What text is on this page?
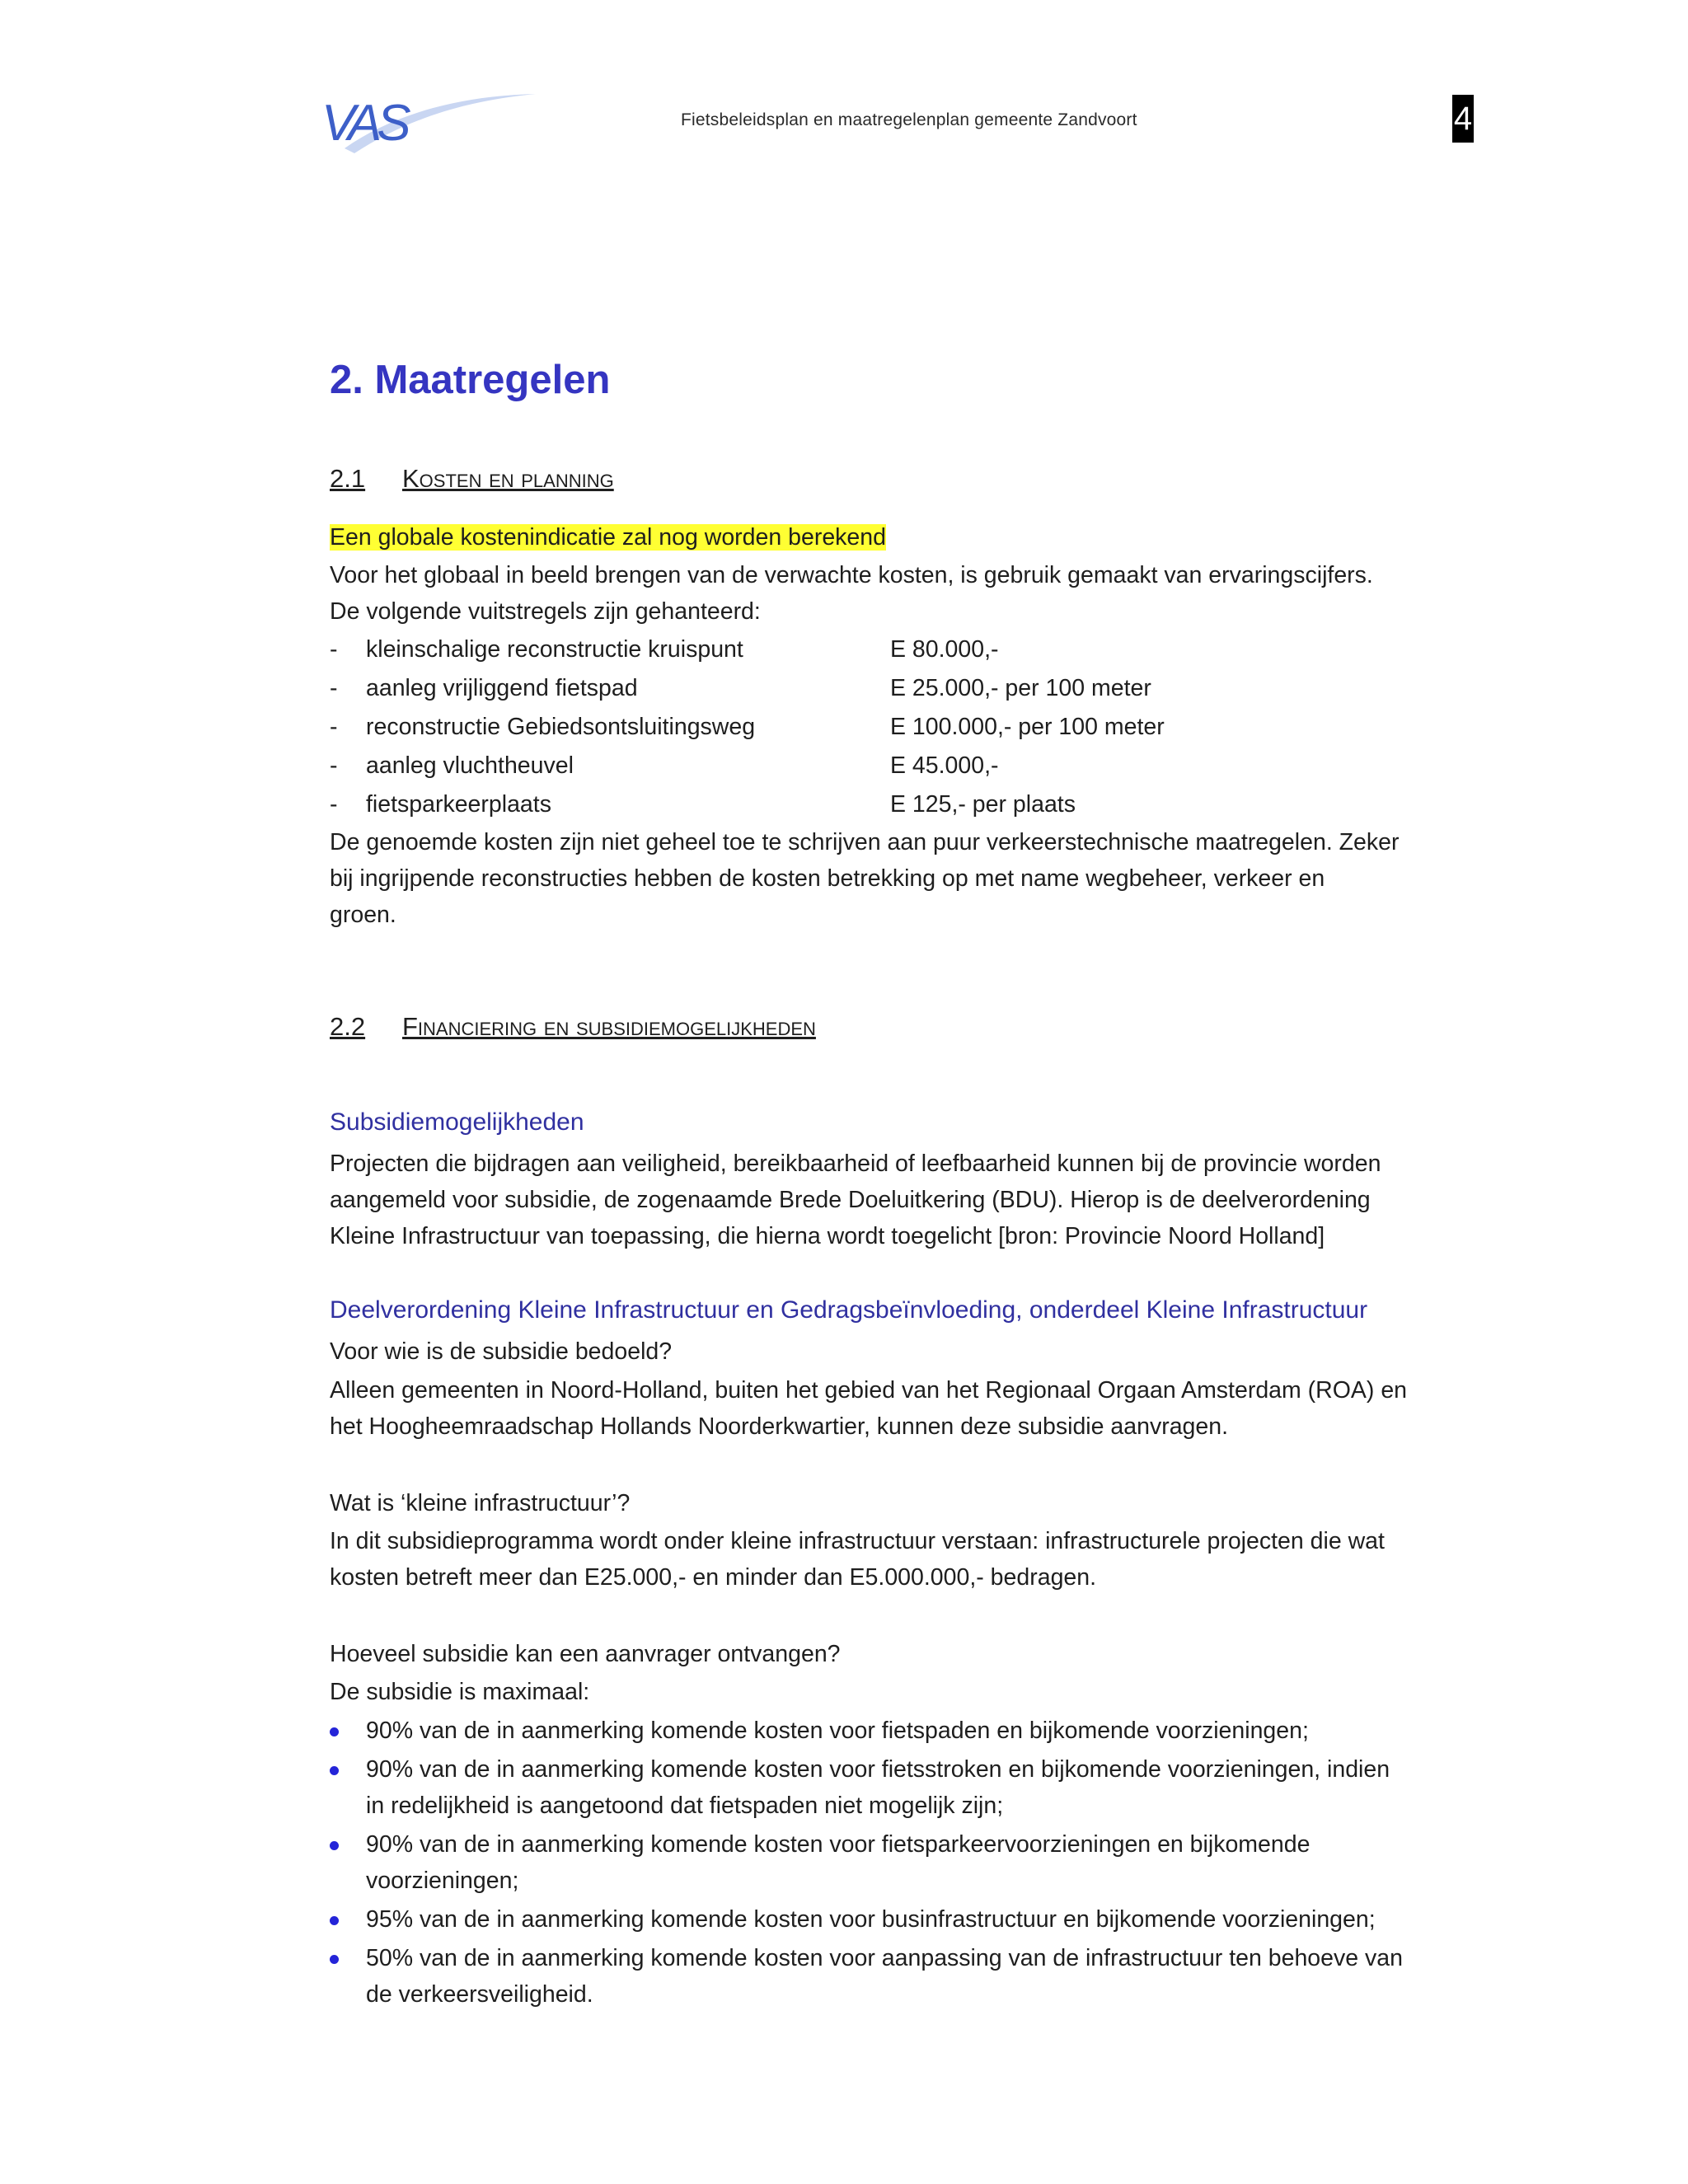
VAS	Fietsbeleidsplan en maatregelenplan gemeente Zandvoort	4
2. Maatregelen
2.1 Kosten en planning
Een globale kostenindicatie zal nog worden berekend
Voor het globaal in beeld brengen van de verwachte kosten, is gebruik gemaakt van ervaringscijfers.
De volgende vuitstregels zijn gehanteerd:
- kleinschalige reconstructie kruispunt	E 80.000,-
- aanleg vrijliggend fietspad	E 25.000,- per 100 meter
- reconstructie Gebiedsontsluitingsweg	E 100.000,- per 100 meter
- aanleg vluchtheuvel	E 45.000,-
- fietsparkeerplaats	E 125,- per plaats
De genoemde kosten zijn niet geheel toe te schrijven aan puur verkeerstechnische maatregelen. Zeker
bij ingrijpende reconstructies hebben de kosten betrekking op met name wegbeheer, verkeer en
groen.
2.2 Financiering en subsidiemogelijkheden
Subsidiemogelijkheden
Projecten die bijdragen aan veiligheid, bereikbaarheid of leefbaarheid kunnen bij de provincie worden
aangemeld voor subsidie, de zogenaamde Brede Doeluitkering (BDU). Hierop is de deelverordening
Kleine Infrastructuur van toepassing, die hierna wordt toegelicht [bron: Provincie Noord Holland]
Deelverordening Kleine Infrastructuur en Gedragsbeïnvloeding, onderdeel Kleine Infrastructuur
Voor wie is de subsidie bedoeld?
Alleen gemeenten in Noord-Holland, buiten het gebied van het Regionaal Orgaan Amsterdam (ROA) en
het Hoogheemraadschap Hollands Noorderkwartier, kunnen deze subsidie aanvragen.
Wat is ‘kleine infrastructuur’?
In dit subsidieprogramma wordt onder kleine infrastructuur verstaan: infrastructurele projecten die wat
kosten betreft meer dan E25.000,- en minder dan E5.000.000,- bedragen.
Hoeveel subsidie kan een aanvrager ontvangen?
De subsidie is maximaal:
90% van de in aanmerking komende kosten voor fietspaden en bijkomende voorzieningen;
90% van de in aanmerking komende kosten voor fietsstroken en bijkomende voorzieningen, indien
in redelijkheid is aangetoond dat fietspaden niet mogelijk zijn;
90% van de in aanmerking komende kosten voor fietsparkeervoorzieningen en bijkomende
voorzieningen;
95% van de in aanmerking komende kosten voor businfrastructuur en bijkomende voorzieningen;
50% van de in aanmerking komende kosten voor aanpassing van de infrastructuur ten behoeve van
de verkeersveiligheid.
